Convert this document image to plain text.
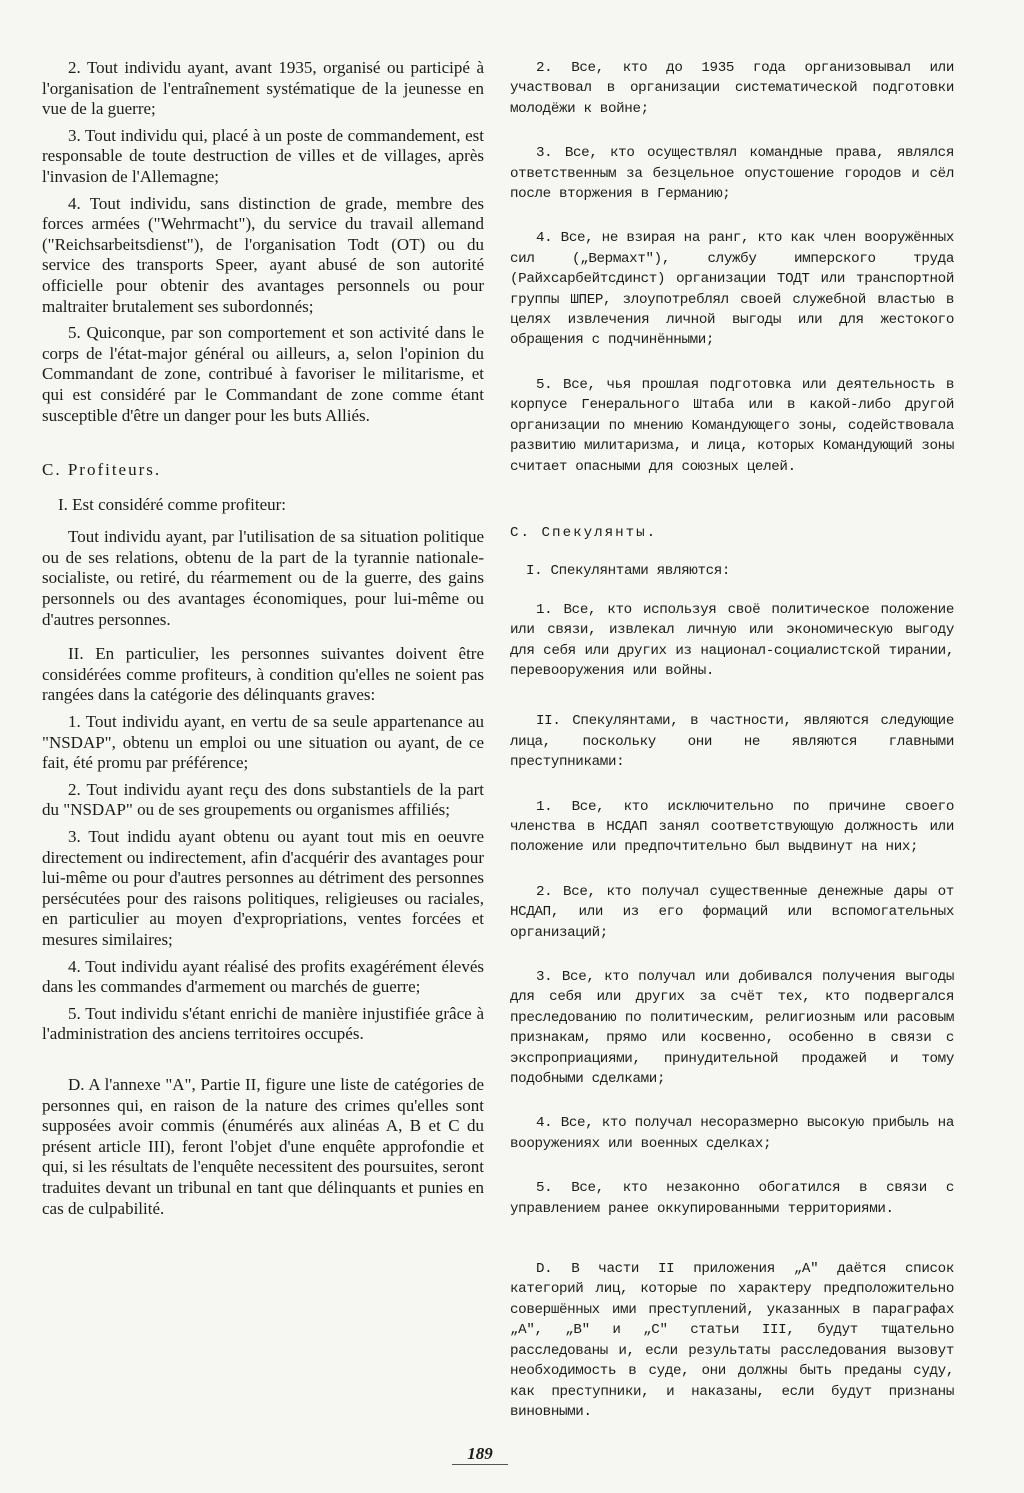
2. Tout individu ayant, avant 1935, organisé ou participé à l'organisation de l'entraînement systématique de la jeunesse en vue de la guerre;

3. Tout individu qui, placé à un poste de commandement, est responsable de toute destruction de villes et de villages, après l'invasion de l'Allemagne;

4. Tout individu, sans distinction de grade, membre des forces armées ("Wehrmacht"), du service du travail allemand ("Reichsarbeitsdienst"), de l'organisation Todt (OT) ou du service des transports Speer, ayant abusé de son autorité officielle pour obtenir des avantages personnels ou pour maltraiter brutalement ses subordonnés;

5. Quiconque, par son comportement et son activité dans le corps de l'état-major général ou ailleurs, a, selon l'opinion du Commandant de zone, contribué à favoriser le militarisme, et qui est considéré par le Commandant de zone comme étant susceptible d'être un danger pour les buts Alliés.

C. Profiteurs.

I. Est considéré comme profiteur:

Tout individu ayant, par l'utilisation de sa situation politique ou de ses relations, obtenu de la part de la tyrannie nationale-socialiste, ou retiré, du réarmement ou de la guerre, des gains personnels ou des avantages économiques, pour lui-même ou d'autres personnes.

II. En particulier, les personnes suivantes doivent être considérées comme profiteurs, à condition qu'elles ne soient pas rangées dans la catégorie des délinquants graves:

1. Tout individu ayant, en vertu de sa seule appartenance au "NSDAP", obtenu un emploi ou une situation ou ayant, de ce fait, été promu par préférence;

2. Tout individu ayant reçu des dons substantiels de la part du "NSDAP" ou de ses groupements ou organismes affiliés;

3. Tout indidu ayant obtenu ou ayant tout mis en oeuvre directement ou indirectement, afin d'acquérir des avantages pour lui-même ou pour d'autres personnes au détriment des personnes persécutées pour des raisons politiques, religieuses ou raciales, en particulier au moyen d'expropriations, ventes forcées et mesures similaires;

4. Tout individu ayant réalisé des profits exagérément élevés dans les commandes d'armement ou marchés de guerre;

5. Tout individu s'étant enrichi de manière injustifiée grâce à l'administration des anciens territoires occupés.

D. A l'annexe "A", Partie II, figure une liste de catégories de personnes qui, en raison de la nature des crimes qu'elles sont supposées avoir commis (énumérés aux alinéas A, B et C du présent article III), feront l'objet d'une enquête approfondie et qui, si les résultats de l'enquête necessitent des poursuites, seront traduites devant un tribunal en tant que délinquants et punies en cas de culpabilité.

2. Все, кто до 1935 года организовывал или участвовал в организации систематической подготовки молодёжи к войне;

3. Все, кто осуществлял командные права, являлся ответственным за безцельное опустошение городов и сёл после вторжения в Германию;

4. Все, не взирая на ранг, кто как член вооружённых сил („Вермахт"), службу имперского труда (Райхсарбейтсдинст) организации ТОДТ или транспортной группы ШПЕР, злоупотреблял своей служебной властью в целях извлечения личной выгоды или для жестокого обращения с подчинёнными;

5. Все, чья прошлая подготовка или деятельность в корпусе Генерального Штаба или в какой-либо другой организации по мнению Командующего зоны, содействовала развитию милитаризма, и лица, которых Командующий зоны считает опасными для союзных целей.

С. Спекулянты.

I. Спекулянтами являются:

1. Все, кто используя своё политическое положение или связи, извлекал личную или экономическую выгоду для себя или других из национал-социалистской тирании, перевооружения или войны.

II. Спекулянтами, в частности, являются следующие лица, поскольку они не являются главными преступниками:

1. Все, кто исключительно по причине своего членства в НСДАП занял соответствующую должность или положение или предпочтительно был выдвинут на них;

2. Все, кто получал существенные денежные дары от НСДАП, или из его формаций или вспомогательных организаций;

3. Все, кто получал или добивался получения выгоды для себя или других за счёт тех, кто подвергался преследованию по политическим, религиозным или расовым признакам, прямо или косвенно, особенно в связи с экспроприациями, принудительной продажей и тому подобными сделками;

4. Все, кто получал несоразмерно высокую прибыль на вооружениях или военных сделках;

5. Все, кто незаконно обогатился в связи с управлением ранее оккупированными территориями.

D. В части II приложения „А" даётся список категорий лиц, которые по характеру предположительно совершённых ими преступлений, указанных в параграфах „А", „В" и „С" статьи III, будут тщательно расследованы и, если результаты расследования вызовут необходимость в суде, они должны быть преданы суду, как преступники, и наказаны, если будут признаны виновными.

189
